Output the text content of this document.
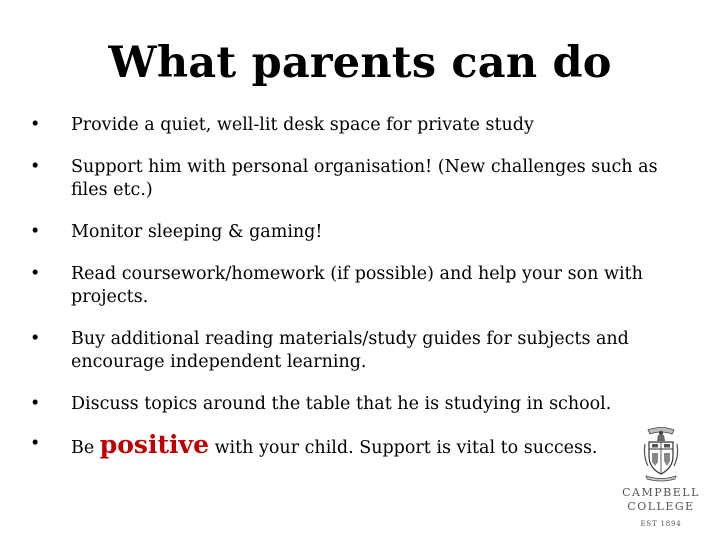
What parents can do
• Provide a quiet, well-lit desk space for private study
• Support him with personal organisation! (New challenges such as files etc.)
• Monitor sleeping & gaming!
• Read coursework/homework (if possible) and help your son with projects.
• Buy additional reading materials/study guides for subjects and encourage independent learning.
• Discuss topics around the table that he is studying in school.
• Be positive with your child. Support is vital to success.
CAMPBELL
COLLEGE
EST 1894
